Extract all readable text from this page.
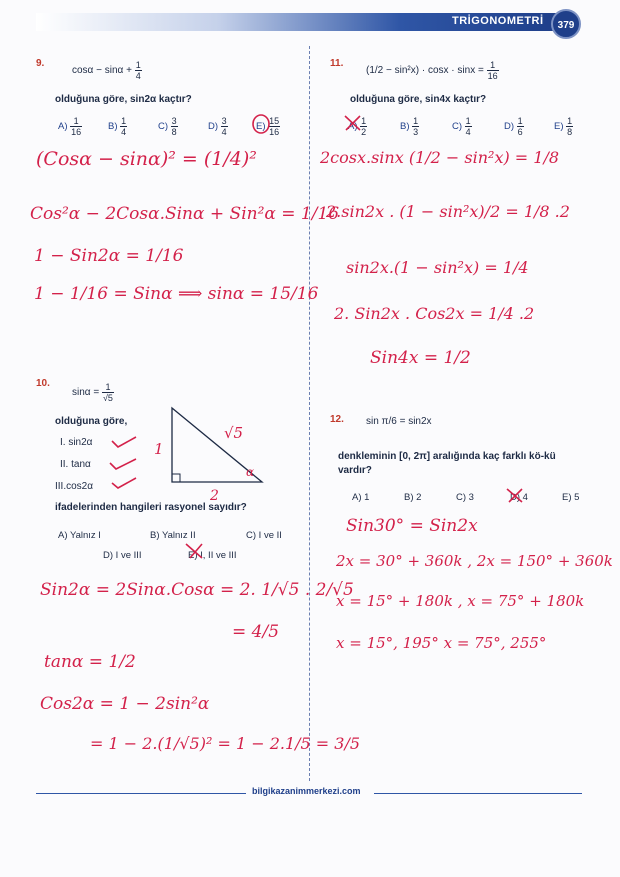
TRİGONOMETRİ	379
9.
$\cos\alpha - \sin\alpha + \frac{1}{4}$
olduğuna göre, sin2α kaçtır?
$A) \frac{1}{16}$	$B) \frac{1}{4}$	$C) \frac{3}{8}$	$D) \frac{3}{4}$	$E) \frac{15}{16}$
(Cosα − sinα)² = (1/4)²
Cos²α − 2Cosα.Sinα + Sin²α = 1/16
1 − Sin2α = 1/16
1 − 1/16 = Sinα ⟹ sinα = 15/16
10.
$\sin\alpha = \frac{1}{√5}$
olduğuna göre,
I. sin2α
II. tanα
III.cos2α
√5
1
2
α
ifadelerinden hangileri rasyonel sayıdır?
A) Yalnız I	B) Yalnız II	C) I ve II
D) I ve III	E) I, II ve III
Sin2α = 2Sinα.Cosα = 2. 1/√5 . 2/√5
= 4/5
tanα = 1/2
Cos2α = 1 − 2sin²α
= 1 − 2.(1/√5)² = 1 − 2.1/5 = 3/5
11.
$(1/2 - \sin^2x) \cdot \cos x \cdot \sin x = \frac{1}{16}$
olduğuna göre, sin4x kaçtır?
$A) \frac{1}{2}$	$B) \frac{1}{3}$	$C) \frac{1}{4}$	$D) \frac{1}{6}$	$E) \frac{1}{8}$
2cosx.sinx (1/2 − sin²x) = 1/8
2.sin2x . (1 − sin²x)/2 = 1/8 .2
sin2x.(1 − sin²x) = 1/4
2. Sin2x . Cos2x = 1/4 .2
Sin4x = 1/2
12. sin π/6 = sin2x
denkleminin [0, 2π] aralığında kaç farklı kö-kü vardır?
A) 1	B) 2	C) 3	D) 4	E) 5
Sin30° = Sin2x
2x = 30° + 360k , 2x = 150° + 360k
x = 15° + 180k , x = 75° + 180k
x = 15°, 195° x = 75°, 255°
bilgikazanimmerkezi.com
